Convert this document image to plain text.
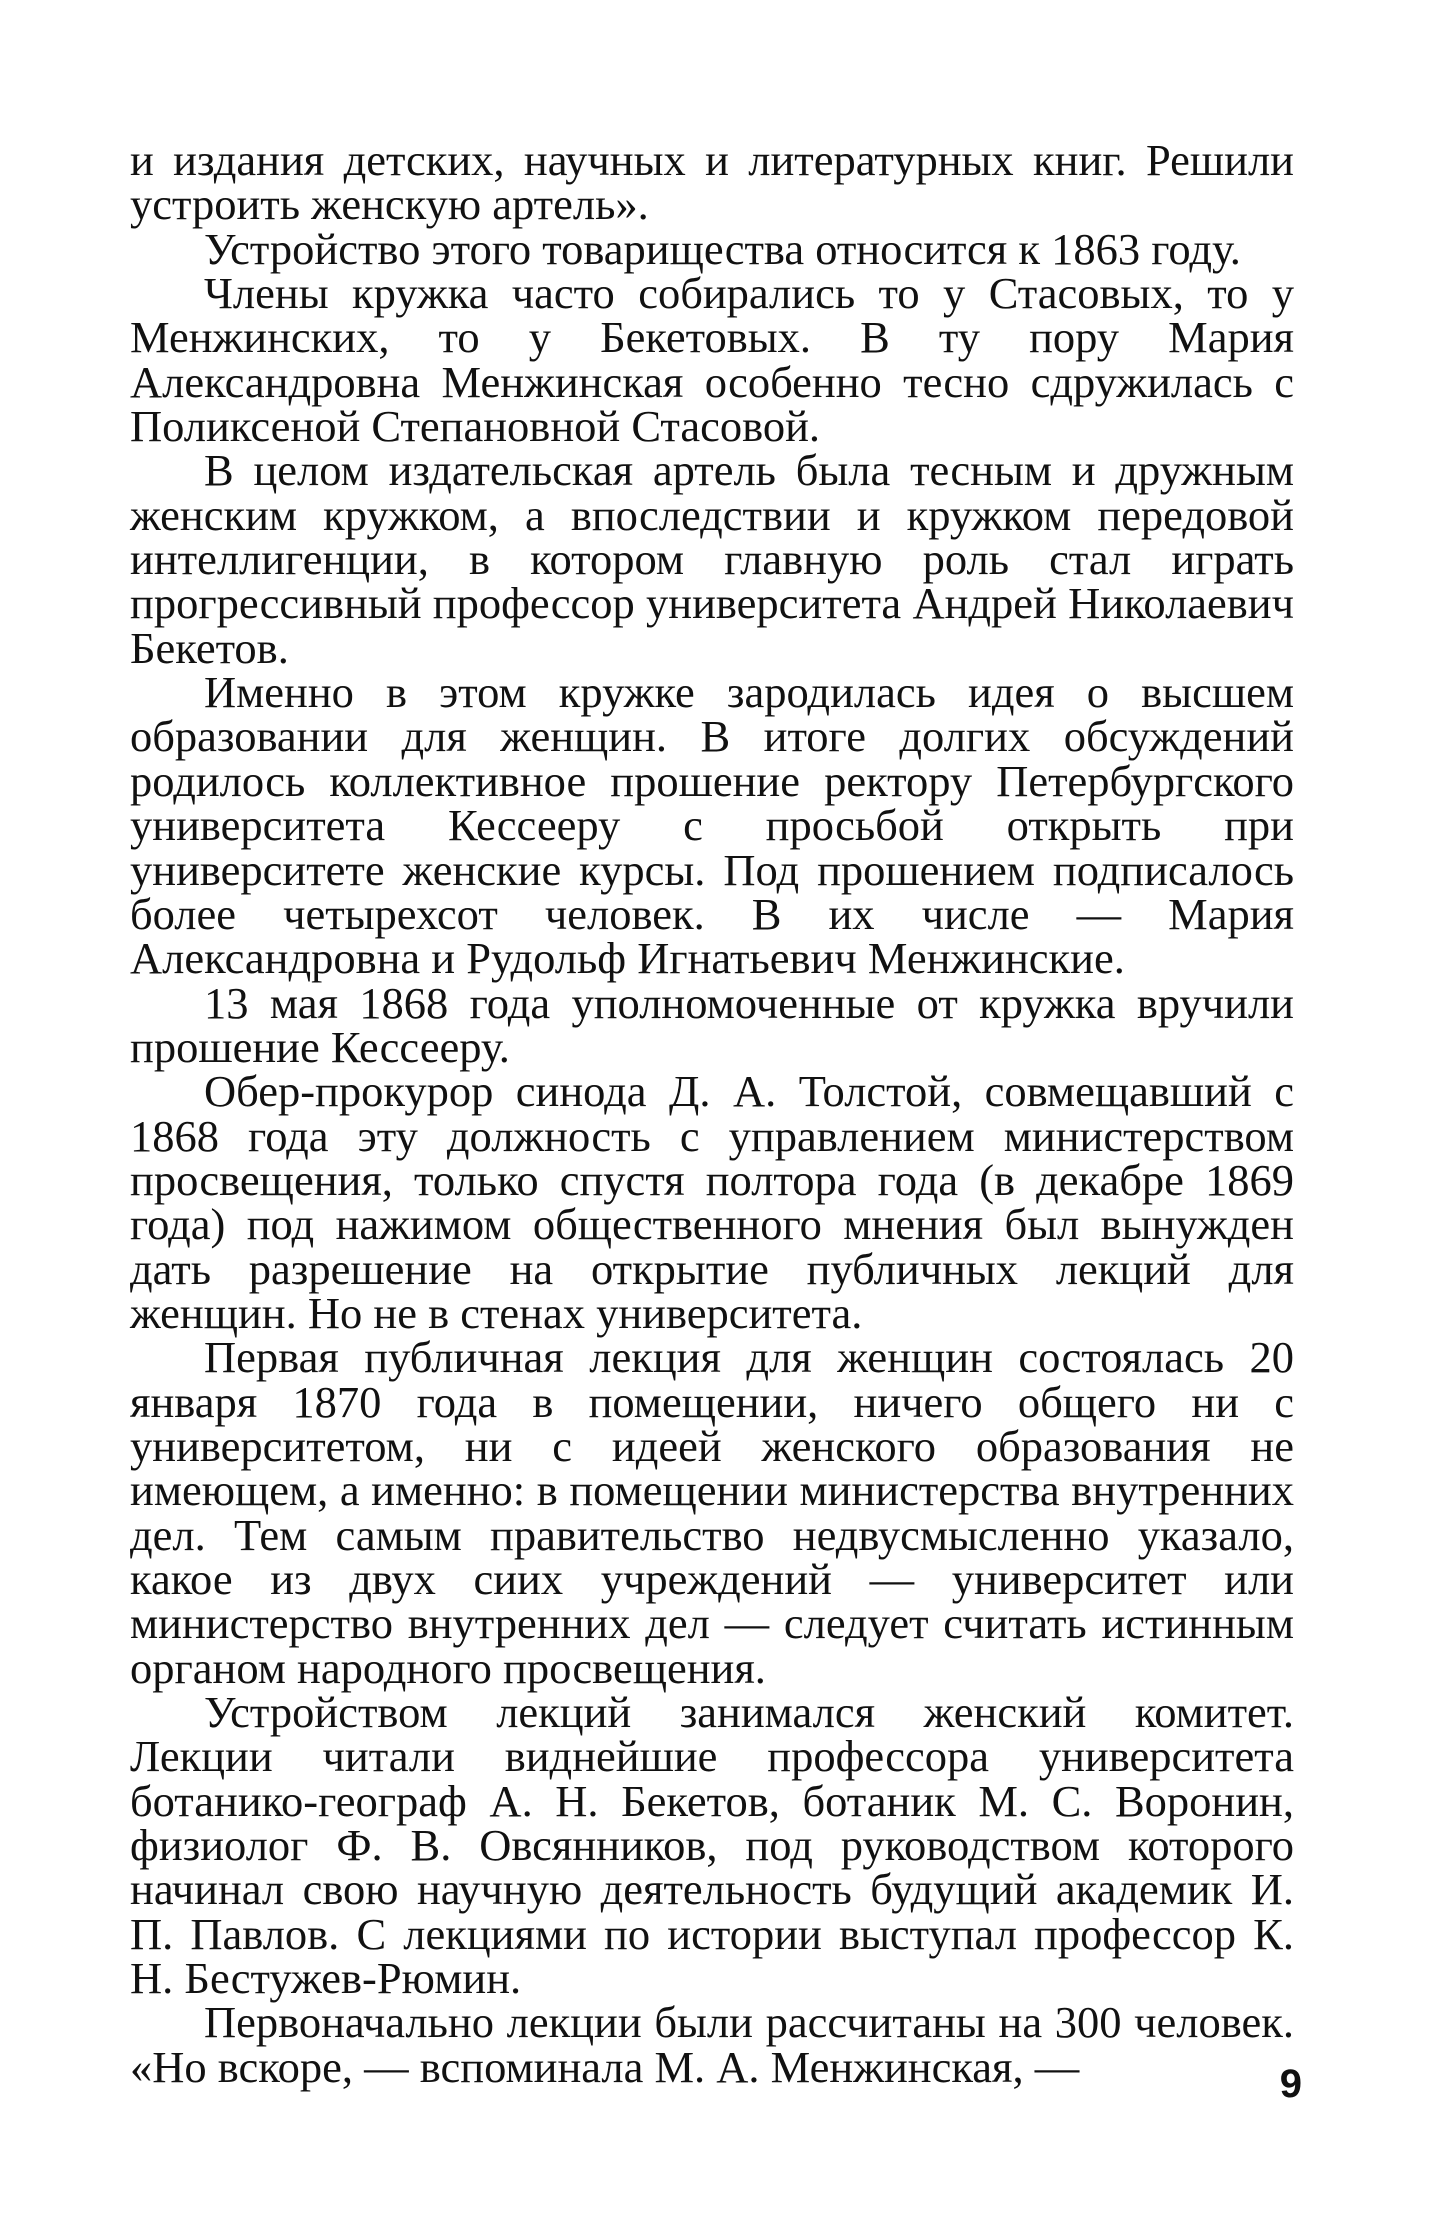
и издания детских, научных и литературных книг. Решили устроить женскую артель».

Устройство этого товарищества относится к 1863 году.

Члены кружка часто собирались то у Стасовых, то у Менжинских, то у Бекетовых. В ту пору Мария Александровна Менжинская особенно тесно сдружилась с Поликсеной Степановной Стасовой.

В целом издательская артель была тесным и дружным женским кружком, а впоследствии и кружком передовой интеллигенции, в котором главную роль стал играть прогрессивный профессор университета Андрей Николаевич Бекетов.

Именно в этом кружке зародилась идея о высшем образовании для женщин. В итоге долгих обсуждений родилось коллективное прошение ректору Петербургского университета Кессееру с просьбой открыть при университете женские курсы. Под прошением подписалось более четырехсот человек. В их числе — Мария Александровна и Рудольф Игнатьевич Менжинские.

13 мая 1868 года уполномоченные от кружка вручили прошение Кессееру.

Обер-прокурор синода Д. А. Толстой, совмещавший с 1868 года эту должность с управлением министерством просвещения, только спустя полтора года (в декабре 1869 года) под нажимом общественного мнения был вынужден дать разрешение на открытие публичных лекций для женщин. Но не в стенах университета.

Первая публичная лекция для женщин состоялась 20 января 1870 года в помещении, ничего общего ни с университетом, ни с идеей женского образования не имеющем, а именно: в помещении министерства внутренних дел. Тем самым правительство недвусмысленно указало, какое из двух сиих учреждений — университет или министерство внутренних дел — следует считать истинным органом народного просвещения.

Устройством лекций занимался женский комитет. Лекции читали виднейшие профессора университета ботанико-географ А. Н. Бекетов, ботаник М. С. Воронин, физиолог Ф. В. Овсянников, под руководством которого начинал свою научную деятельность будущий академик И. П. Павлов. С лекциями по истории выступал профессор К. Н. Бестужев-Рюмин.

Первоначально лекции были рассчитаны на 300 человек. «Но вскоре, — вспоминала М. А. Менжинская, —	9
